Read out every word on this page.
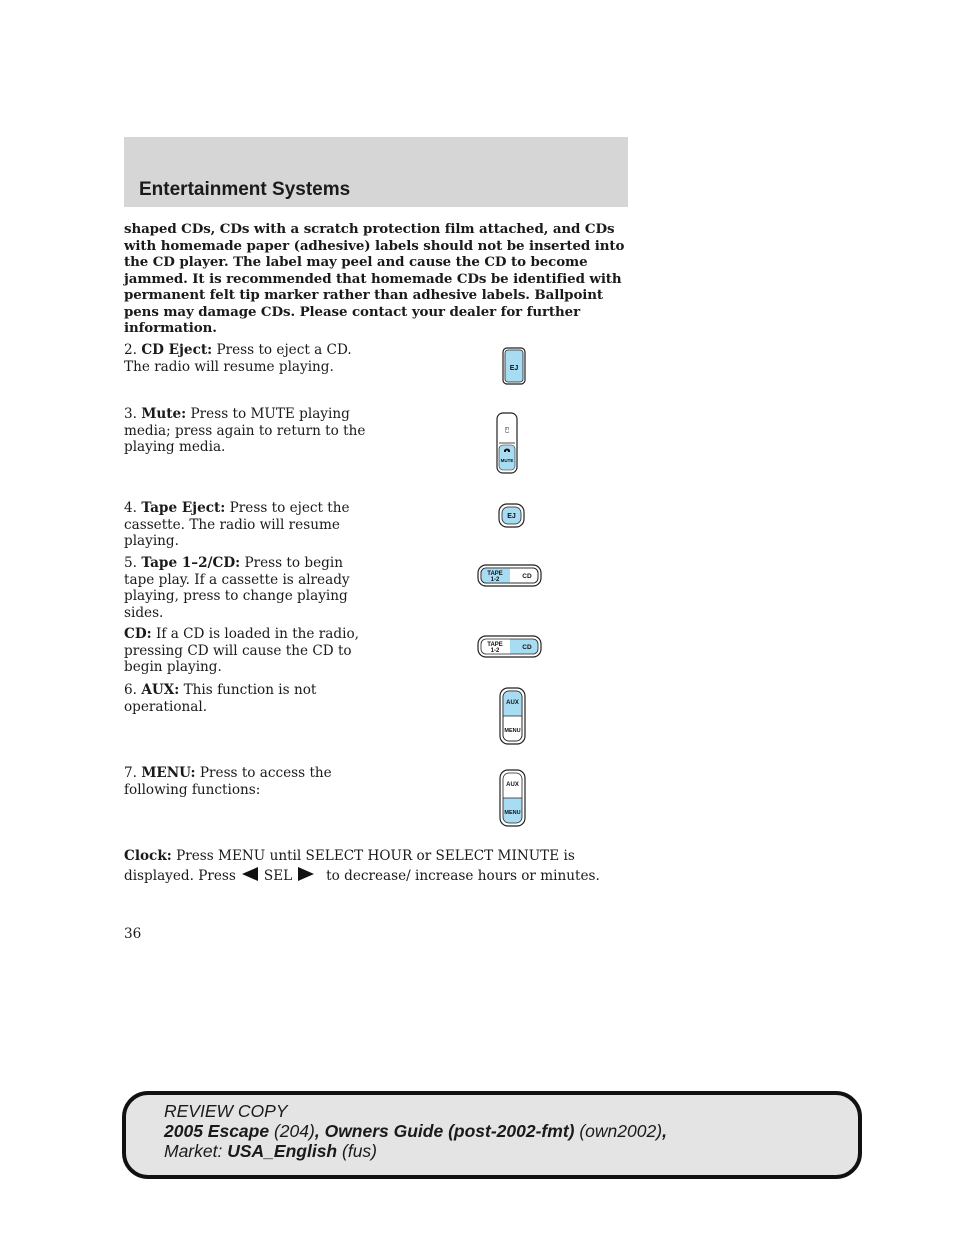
Entertainment Systems
shaped CDs, CDs with a scratch protection film attached, and CDs with homemade paper (adhesive) labels should not be inserted into the CD player. The label may peel and cause the CD to become jammed. It is recommended that homemade CDs be identified with permanent felt tip marker rather than adhesive labels. Ballpoint pens may damage CDs. Please contact your dealer for further information.
2. CD Eject: Press to eject a CD. The radio will resume playing.	EJ
3. Mute: Press to MUTE playing media; press again to return to the playing media.
EJ
MUTE
4. Tape Eject: Press to eject the cassette. The radio will resume playing.
EJ
5. Tape 1–2/CD: Press to begin tape play. If a cassette is already playing, press to change playing sides.
TAPE
1-2	CD
CD: If a CD is loaded in the radio, pressing CD will cause the CD to begin playing.
TAPE
1-2	CD
6. AUX: This function is not operational.	AUX
MENU
7. MENU: Press to access the following functions:	AUX
MENU
Clock: Press MENU until SELECT HOUR or SELECT MINUTE is
displayed. Press SEL	to decrease/ increase hours or minutes.
36
REVIEW COPY
2005 Escape (204), Owners Guide (post-2002-fmt) (own2002),
Market: USA_English (fus)
